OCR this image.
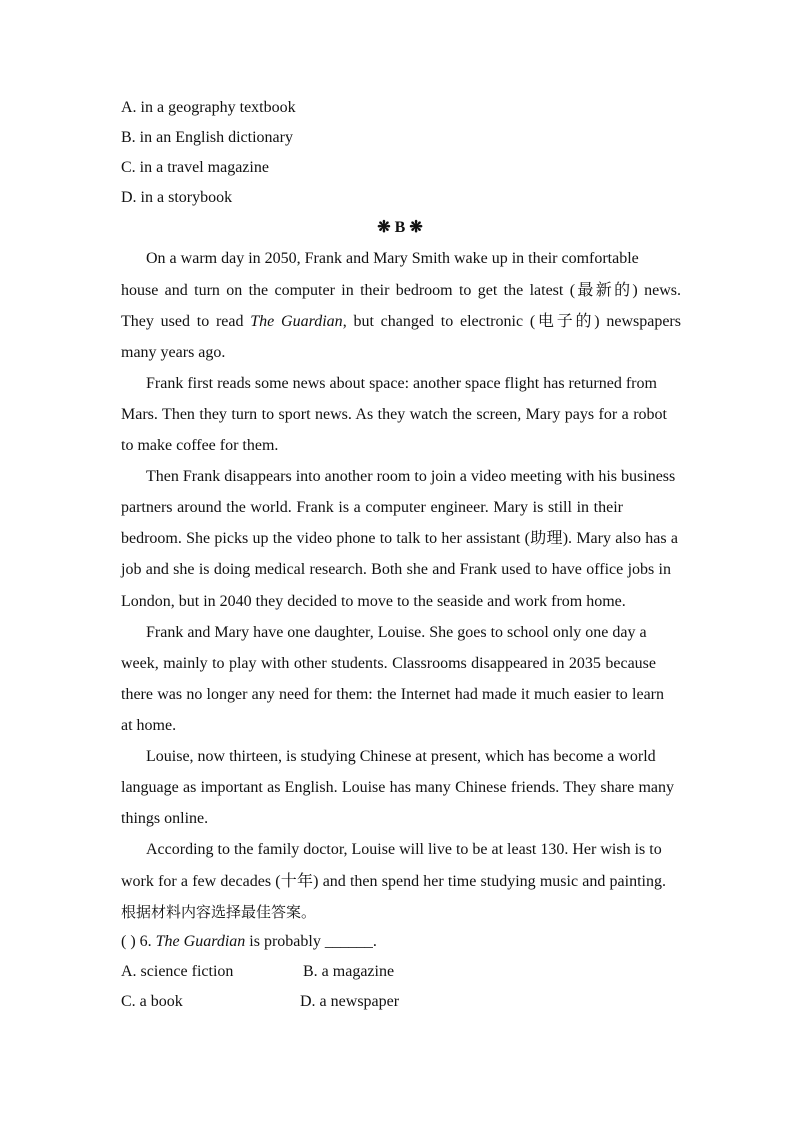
A. in a geography textbook
B. in an English dictionary
C. in a travel magazine
D. in a storybook
❋ B ❋
On a warm day in 2050, Frank and Mary Smith wake up in their comfortable
house and turn on the computer in their bedroom to get the latest (最新的) news.
They used to read The Guardian, but changed to electronic (电子的) newspapers
many years ago.
Frank first reads some news about space: another space flight has returned from
Mars. Then they turn to sport news. As they watch the screen, Mary pays for a robot
to make coffee for them.
Then Frank disappears into another room to join a video meeting with his business
partners around the world. Frank is a computer engineer. Mary is still in their
bedroom. She picks up the video phone to talk to her assistant (助理). Mary also has a
job and she is doing medical research. Both she and Frank used to have office jobs in
London, but in 2040 they decided to move to the seaside and work from home.
Frank and Mary have one daughter, Louise. She goes to school only one day a
week, mainly to play with other students. Classrooms disappeared in 2035 because
there was no longer any need for them: the Internet had made it much easier to learn
at home.
Louise, now thirteen, is studying Chinese at present, which has become a world
language as important as English. Louise has many Chinese friends. They share many
things online.
According to the family doctor, Louise will live to be at least 130. Her wish is to
work for a few decades (十年) and then spend her time studying music and painting.
根据材料内容选择最佳答案。
( ) 6. The Guardian is probably ______.
A. science fiction	B. a magazine
C. a book	D. a newspaper
